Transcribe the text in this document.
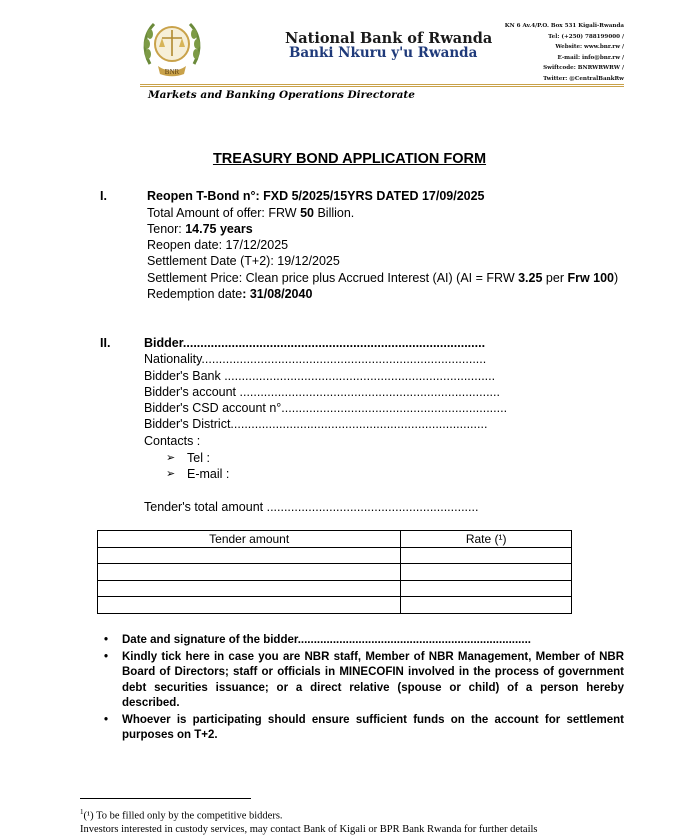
BNR
National Bank of Rwanda
Banki Nkuru y'u Rwanda
KN 6 Av.4/P.O. Box 531 Kigali-Rwanda
Tel: (+250) 788199000 /
Website: www.bnr.rw /
E-mail: info@bnr.rw /
Swiftcode: BNRWRWRW /
Twitter: @CentralBankRw
Markets and Banking Operations Directorate
TREASURY BOND APPLICATION FORM
I.	Reopen T-Bond n°: FXD 5/2025/15YRS DATED 17/09/2025
Total Amount of offer: FRW 50 Billion.
Tenor: 14.75 years
Reopen date: 17/12/2025
Settlement Date (T+2): 19/12/2025
Settlement Price: Clean price plus Accrued Interest (AI) (AI = FRW 3.25 per Frw 100)
Redemption date: 31/08/2040
II.	Bidder.......................................................................................
Nationality..................................................................................
Bidder's Bank ..............................................................................
Bidder's account ...........................................................................
Bidder's CSD account n°.................................................................
Bidder's District..........................................................................
Contacts :
➢ Tel :
➢ E-mail :
Tender's total amount .............................................................
Tender amount	Rate (¹)

• Date and signature of the bidder.........................................................................
• Kindly tick here in case you are NBR staff, Member of NBR Management, Member of NBR Board of Directors; staff or officials in MINECOFIN involved in the process of government debt securities issuance; or a direct relative (spouse or child) of a person hereby described.
• Whoever is participating should ensure sufficient funds on the account for settlement purposes on T+2.
$^1$(¹) To be filled only by the competitive bidders.
Investors interested in custody services, may contact Bank of Kigali or BPR Bank Rwanda for further details
